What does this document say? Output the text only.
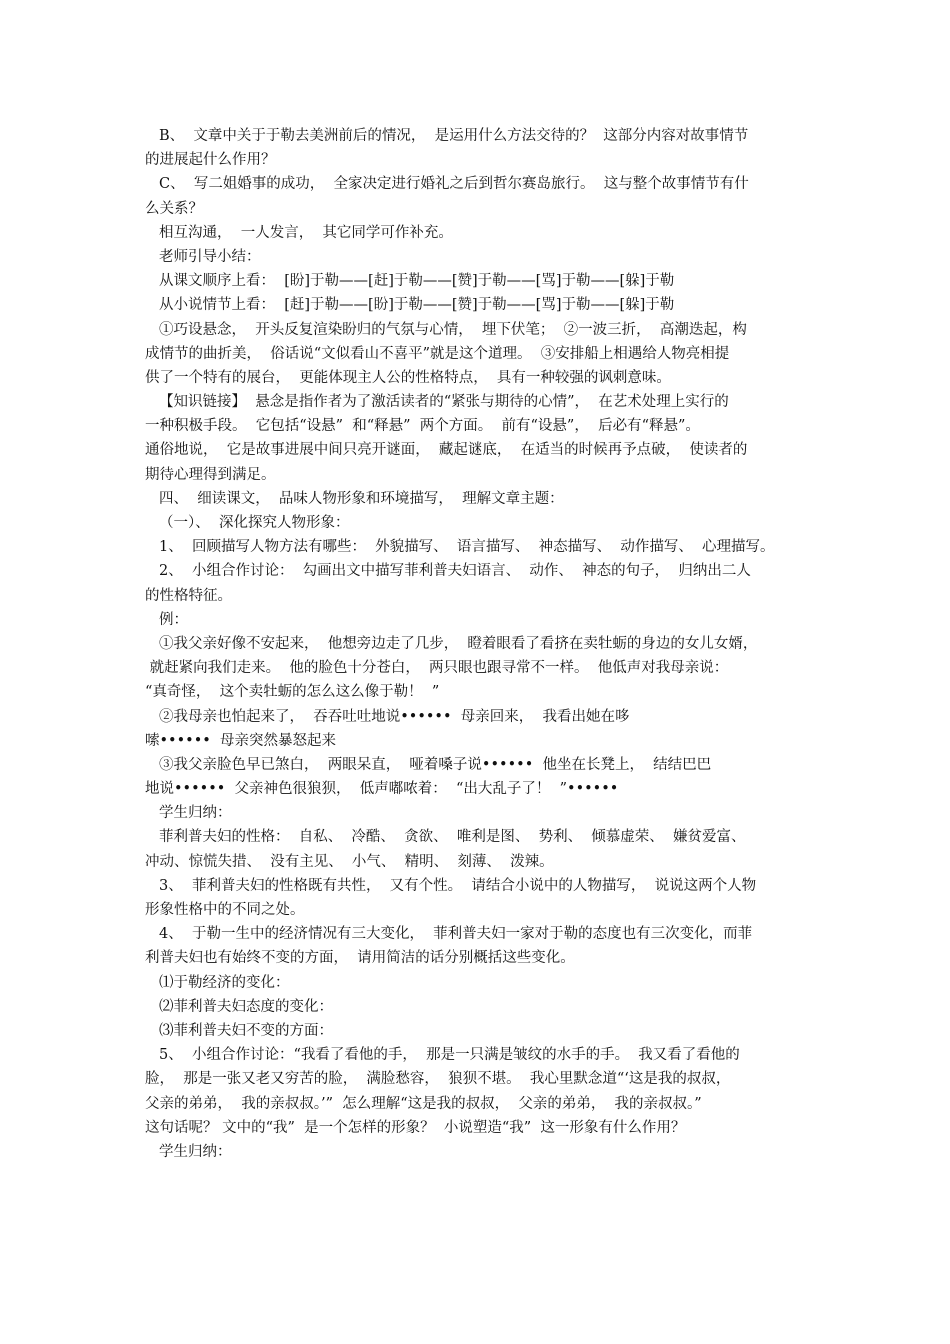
B、  文章中关于于勒去美洲前后的情况，  是运用什么方法交待的？  这部分内容对故事情节
的进展起什么作用？
C、  写二姐婚事的成功，  全家决定进行婚礼之后到哲尔赛岛旅行。  这与整个故事情节有什
么关系？
相互沟通，  一人发言，  其它同学可作补充。
老师引导小结：
从课文顺序上看：  [盼]于勒——[赶]于勒——[赞]于勒——[骂]于勒——[躲]于勒
从小说情节上看：  [赶]于勒——[盼]于勒——[赞]于勒——[骂]于勒——[躲]于勒
①巧设悬念，  开头反复渲染盼归的气氛与心情，  埋下伏笔；  ②一波三折，  高潮迭起，构
成情节的曲折美，  俗话说“文似看山不喜平”就是这个道理。  ③安排船上相遇给人物亮相提
供了一个特有的展台，  更能体现主人公的性格特点，  具有一种较强的讽刺意味。
【知识链接】  悬念是指作者为了激活读者的“紧张与期待的心情”，  在艺术处理上实行的
一种积极手段。  它包括“设悬”  和“释悬”  两个方面。  前有“设悬”，  后必有“释悬”。
通俗地说，  它是故事进展中间只亮开谜面，  藏起谜底，  在适当的时候再予点破，  使读者的
期待心理得到满足。
四、  细读课文，  品味人物形象和环境描写，  理解文章主题：
（一）、  深化探究人物形象：
1、  回顾描写人物方法有哪些：  外貌描写、  语言描写、  神态描写、  动作描写、  心理描写。
2、  小组合作讨论：  勾画出文中描写菲利普夫妇语言、  动作、  神态的句子，  归纳出二人
的性格特征。
例：
①我父亲好像不安起来，  他想旁边走了几步，  瞪着眼看了看挤在卖牡蛎的身边的女儿女婿，
就赶紧向我们走来。  他的脸色十分苍白，  两只眼也跟寻常不一样。  他低声对我母亲说：
“真奇怪，  这个卖牡蛎的怎么这么像于勒！  ”
②我母亲也怕起来了，  吞吞吐吐地说••••••  母亲回来，  我看出她在哆
嗦••••••  母亲突然暴怒起来
③我父亲脸色早已煞白，  两眼呆直，  哑着嗓子说••••••  他坐在长凳上，  结结巴巴
地说••••••  父亲神色很狼狈，  低声嘟哝着：  “出大乱子了！  ”••••••
学生归纳：
菲利普夫妇的性格：  自私、  冷酷、  贪欲、  唯利是图、  势利、  倾慕虚荣、  嫌贫爱富、
冲动、惊慌失措、  没有主见、  小气、  精明、  刻薄、  泼辣。
3、  菲利普夫妇的性格既有共性，  又有个性。  请结合小说中的人物描写，  说说这两个人物
形象性格中的不同之处。
4、  于勒一生中的经济情况有三大变化，  菲利普夫妇一家对于勒的态度也有三次变化，而菲
利普夫妇也有始终不变的方面，  请用简洁的话分别概括这些变化。
⑴于勒经济的变化：
⑵菲利普夫妇态度的变化：
⑶菲利普夫妇不变的方面：
5、  小组合作讨论：“我看了看他的手，  那是一只满是皱纹的水手的手。  我又看了看他的
脸，  那是一张又老又穷苦的脸，  满脸愁容，  狼狈不堪。  我心里默念道“‘这是我的叔叔，
父亲的弟弟，  我的亲叔叔。’”  怎么理解“这是我的叔叔，  父亲的弟弟，  我的亲叔叔。”
这句话呢？ 文中的“我”  是一个怎样的形象？  小说塑造“我”  这一形象有什么作用？
学生归纳：
